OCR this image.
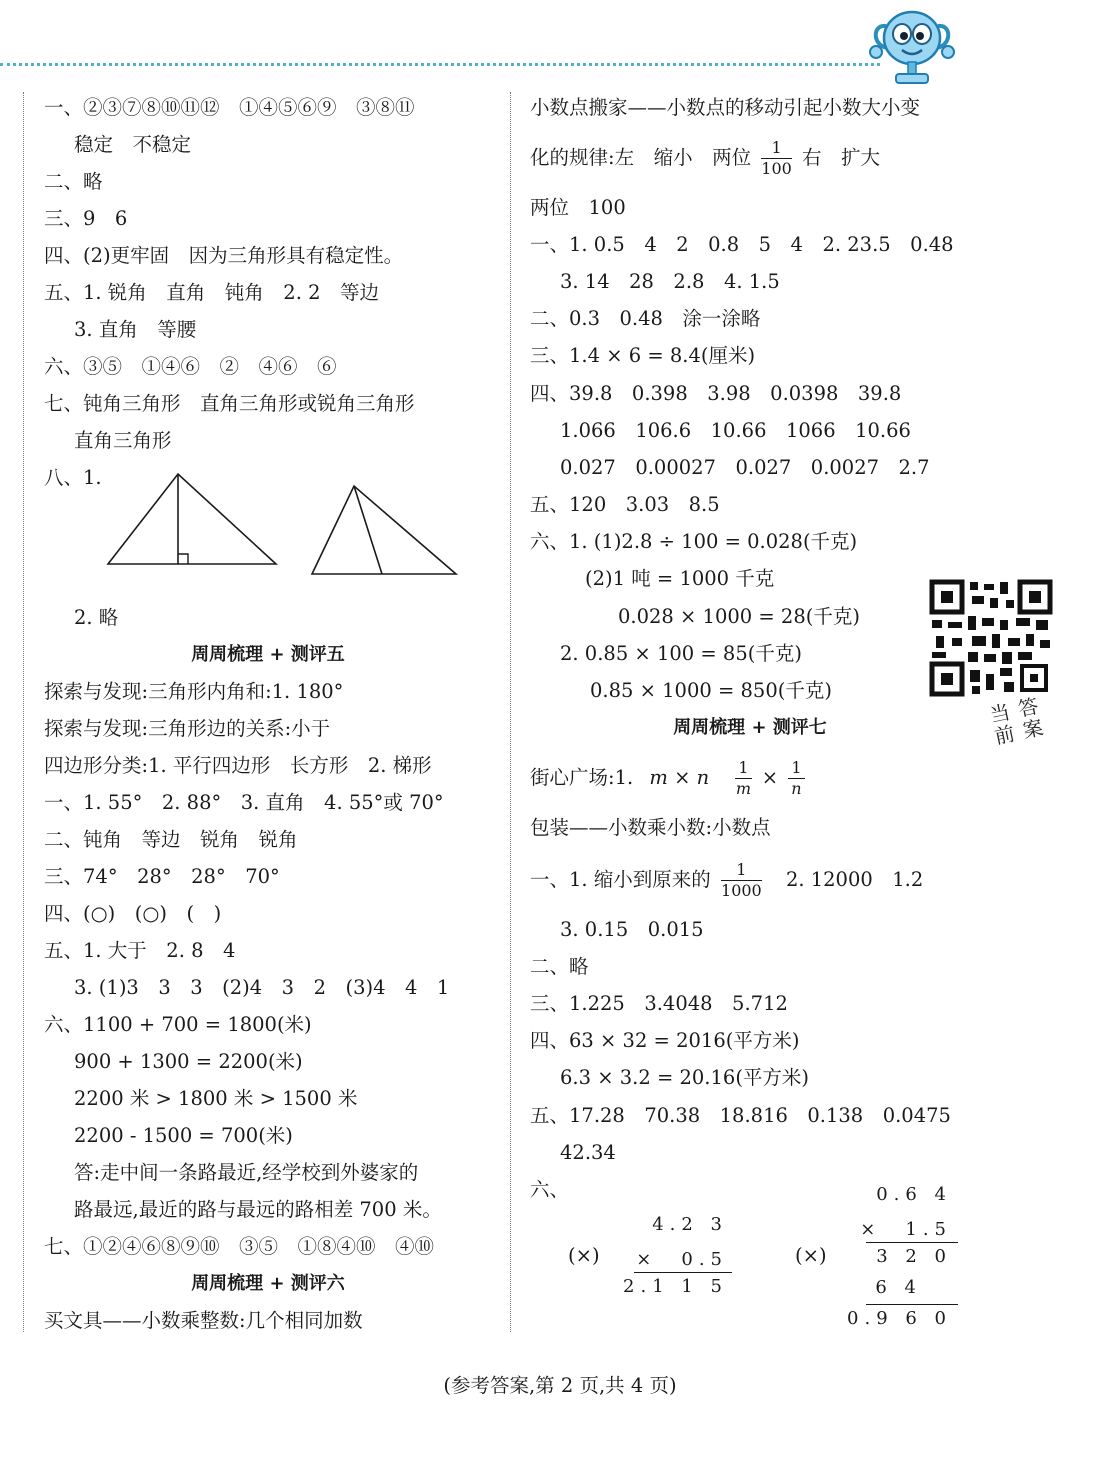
一、②③⑦⑧⑩⑪⑫　①④⑤⑥⑨　③⑧⑪
稳定　不稳定
二、略
三、9　6
四、(2)更牢固　因为三角形具有稳定性。
五、1. 锐角　直角　钝角　2. 2　等边
3. 直角　等腰
六、③⑤　①④⑥　②　④⑥　⑥
七、钝角三角形　直角三角形或锐角三角形
直角三角形
八、1.
2. 略
周周梳理 + 测评五
探索与发现:三角形内角和:1. 180°
探索与发现:三角形边的关系:小于
四边形分类:1. 平行四边形　长方形　2. 梯形
一、1. 55°　2. 88°　3. 直角　4. 55°或 70°
二、钝角　等边　锐角　锐角
三、74°　28°　28°　70°
四、(○)　(○)　(　)
五、1. 大于　2. 8　4
3. (1)3　3　3　(2)4　3　2　(3)4　4　1
六、1100 + 700 = 1800(米)
900 + 1300 = 2200(米)
2200 米 > 1800 米 > 1500 米
2200 - 1500 = 700(米)
答:走中间一条路最近,经学校到外婆家的
路最远,最近的路与最远的路相差 700 米。
七、①②④⑥⑧⑨⑩　③⑤　①⑧④⑩　④⑩
周周梳理 + 测评六
买文具——小数乘整数:几个相同加数
小数点搬家——小数点的移动引起小数大小变
化的规律:左　缩小　两位 $\frac{1}{100}$ 右　扩大
两位　100
一、1. 0.5　4　2　0.8　5　4　2. 23.5　0.48
3. 14　28　2.8　4. 1.5
二、0.3　0.48　涂一涂略
三、1.4 × 6 = 8.4(厘米)
四、39.8　0.398　3.98　0.0398　39.8
1.066　106.6　10.66　1066　10.66
0.027　0.00027　0.027　0.0027　2.7
五、120　3.03　8.5
六、1. (1)2.8 ÷ 100 = 0.028(千克)
(2)1 吨 = 1000 千克
0.028 × 1000 = 28(千克)
2. 0.85 × 100 = 85(千克)
0.85 × 1000 = 850(千克)
周周梳理 + 测评七
街心广场:1. m × n $\frac{1}{m} \times \frac{1}{n}$
包装——小数乘小数:小数点
一、1. 缩小到原来的 $\frac{1}{1000} 2$. 12000　1.2
3. 0.15　0.015
二、略
三、1.225　3.4048　5.712
四、63 × 32 = 2016(平方米)
6.3 × 3.2 = 20.16(平方米)
五、17.28　70.38　18.816　0.138　0.0475
42.34
六、
(×)
4.2 3
×　0.5
2.1 1 5
(×)
0.6 4
×　1.5
3 2 0
6 4
0.9 6 0
答案当前
(参考答案,第 2 页,共 4 页)
